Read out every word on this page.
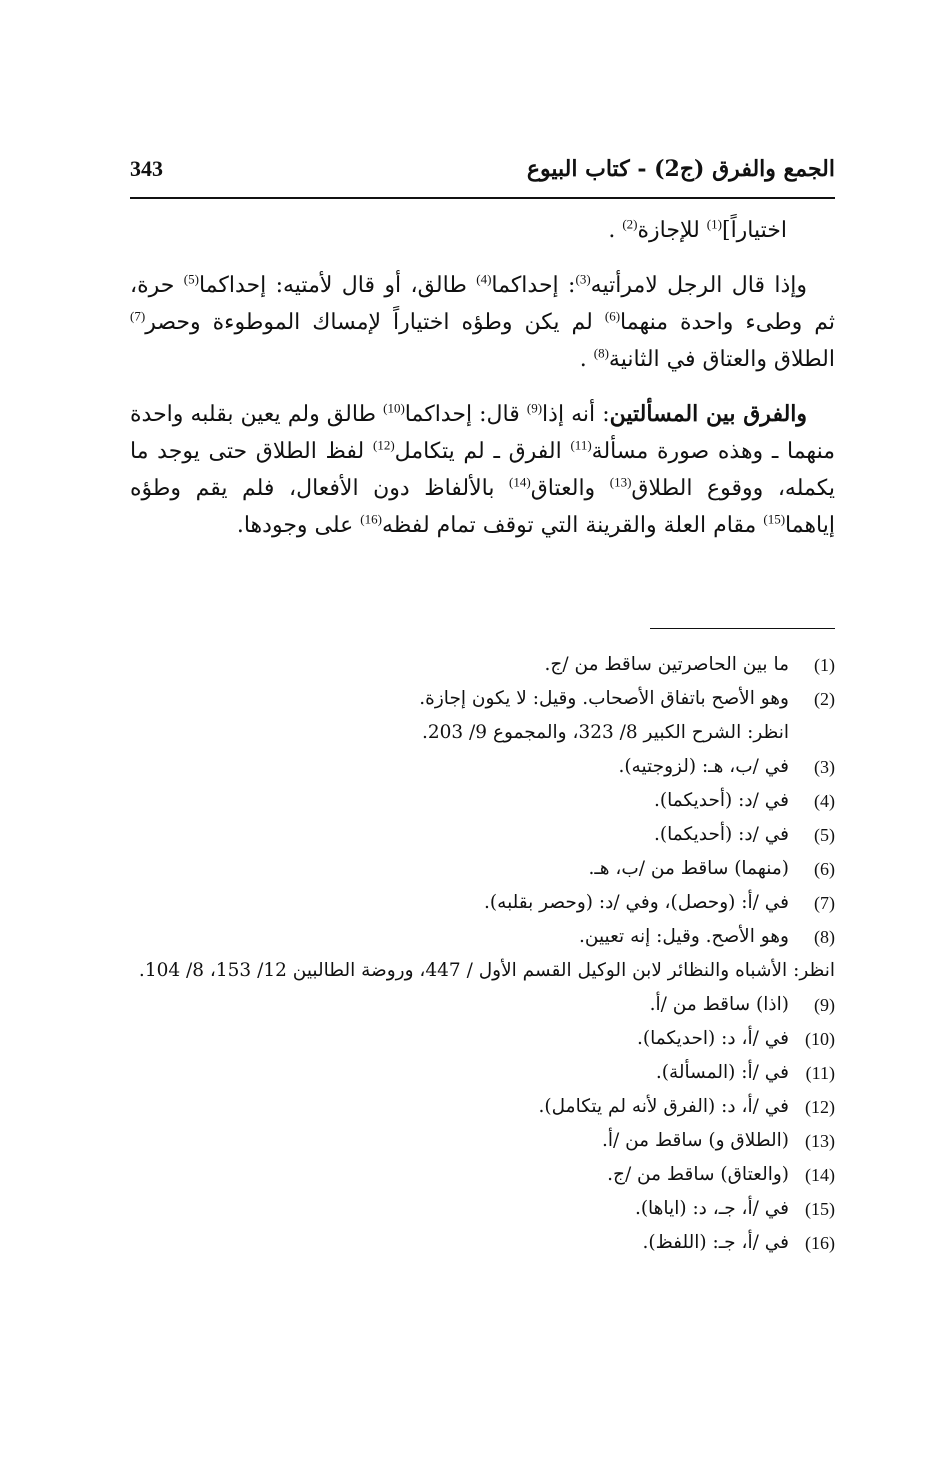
الجمع والفرق (ج2) - كتاب البيوع
343

اختياراً]$^{(1)}$ للإجازة$^{(2)}$ .

وإذا قال الرجل لامرأتيه$^{(3)}$: إحداكما$^{(4)}$ طالق، أو قال لأمتيه: إحداكما$^{(5)}$ حرة، ثم وطىء واحدة منهما$^{(6)}$ لم يكن وطؤه اختياراً لإمساك الموطوءة وحصر$^{(7)}$ الطلاق والعتاق في الثانية$^{(8)}$ .

والفرق بين المسألتين: أنه إذا$^{(9)}$ قال: إحداكما$^{(10)}$ طالق ولم يعين بقلبه واحدة منهما ـ وهذه صورة مسألة$^{(11)}$ الفرق ـ لم يتكامل$^{(12)}$ لفظ الطلاق حتى يوجد ما يكمله، ووقوع الطلاق$^{(13)}$ والعتاق$^{(14)}$ بالألفاظ دون الأفعال، فلم يقم وطؤه إياهما$^{(15)}$ مقام العلة والقرينة التي توقف تمام لفظه$^{(16)}$ على وجودها.

(1)
ما بين الحاصرتين ساقط من /ج.
(2)
وهو الأصح باتفاق الأصحاب. وقيل: لا يكون إجازة.
انظر: الشرح الكبير 8/ 323، والمجموع 9/ 203.
(3)
في /ب، هـ: (لزوجتيه).
(4)
في /د: (أحديكما).
(5)
في /د: (أحديكما).
(6)
(منهما) ساقط من /ب، هـ.
(7)
في /أ: (وحصل)، وفي /د: (وحصر بقلبه).
(8)
وهو الأصح. وقيل: إنه تعيين.
انظر: الأشباه والنظائر لابن الوكيل القسم الأول / 447، وروضة الطالبين 12/ 153، 8/ 104.
(9)
(اذا) ساقط من /أ.
(10)
في /أ، د: (احديكما).
(11)
في /أ: (المسألة).
(12)
في /أ، د: (الفرق لأنه لم يتكامل).
(13)
(الطلاق و) ساقط من /أ.
(14)
(والعتاق) ساقط من /ج.
(15)
في /أ، جـ، د: (اياها).
(16)
في /أ، جـ: (اللفظ).
